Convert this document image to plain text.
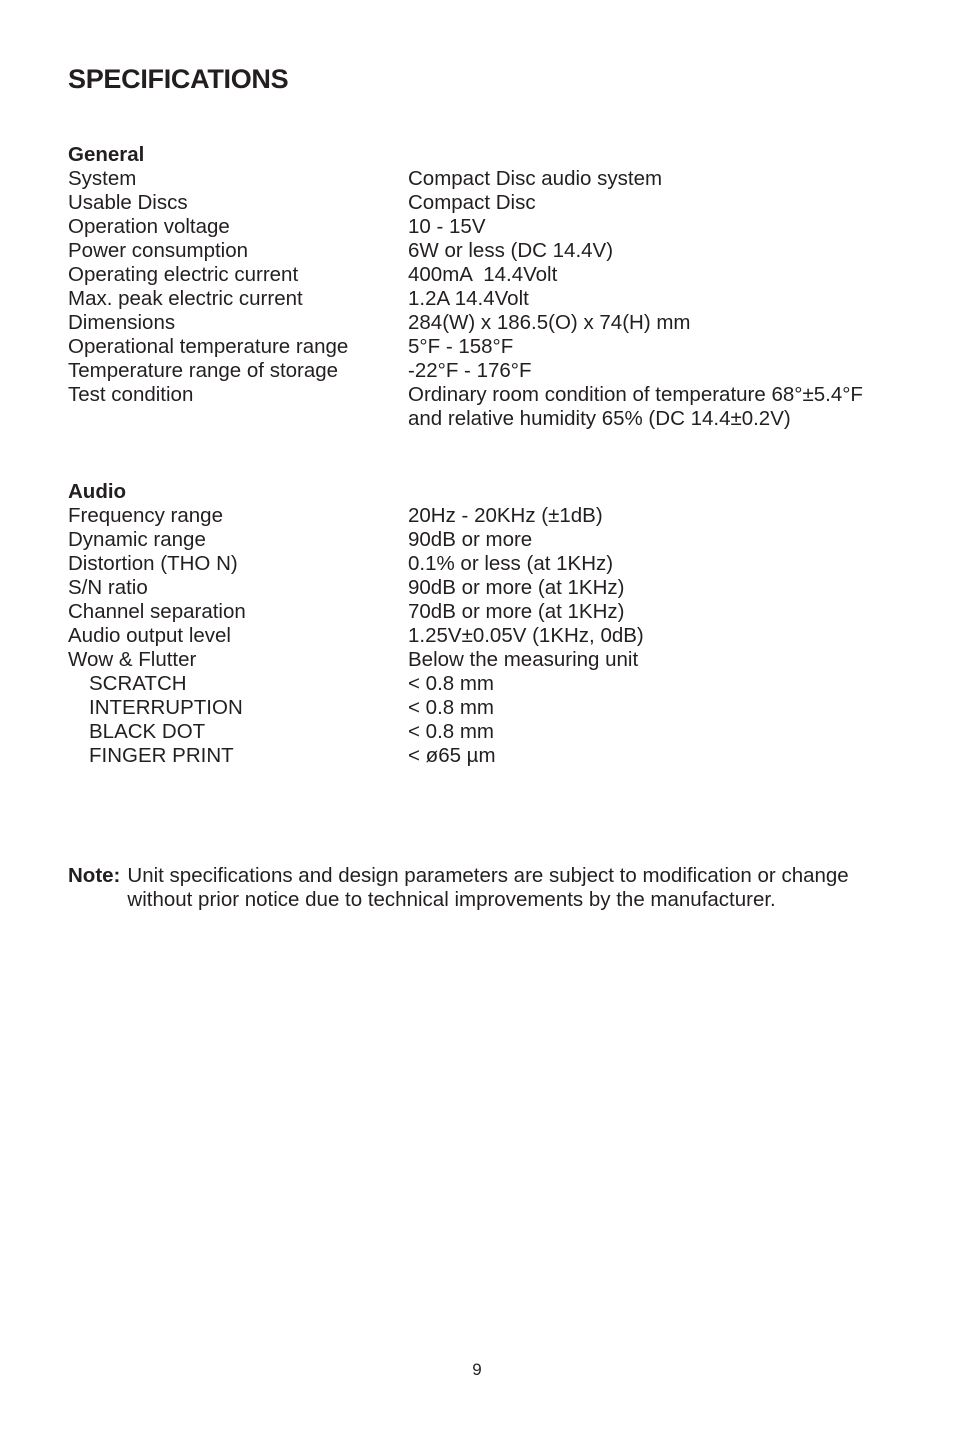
SPECIFICATIONS
General
System	Compact Disc audio system
Usable Discs	Compact Disc
Operation voltage	10 - 15V
Power consumption	6W or less (DC 14.4V)
Operating electric current	400mA  14.4Volt
Max. peak electric current	1.2A 14.4Volt
Dimensions	284(W) x 186.5(O) x 74(H) mm
Operational temperature range	5°F - 158°F
Temperature range of storage	-22°F - 176°F
Test condition	Ordinary room condition of temperature 68°±5.4°F
and relative humidity 65% (DC 14.4±0.2V)
Audio
Frequency range	20Hz - 20KHz (±1dB)
Dynamic range	90dB or more
Distortion (THO N)	0.1% or less (at 1KHz)
S/N ratio	90dB or more (at 1KHz)
Channel separation	70dB or more (at 1KHz)
Audio output level	1.25V±0.05V (1KHz, 0dB)
Wow & Flutter	Below the measuring unit
SCRATCH	< 0.8 mm
INTERRUPTION	< 0.8 mm
BLACK DOT	< 0.8 mm
FINGER PRINT	< ø65 µm
Note: Unit specifications and design parameters are subject to modification or change without prior notice due to technical improvements by the manufacturer.
9
